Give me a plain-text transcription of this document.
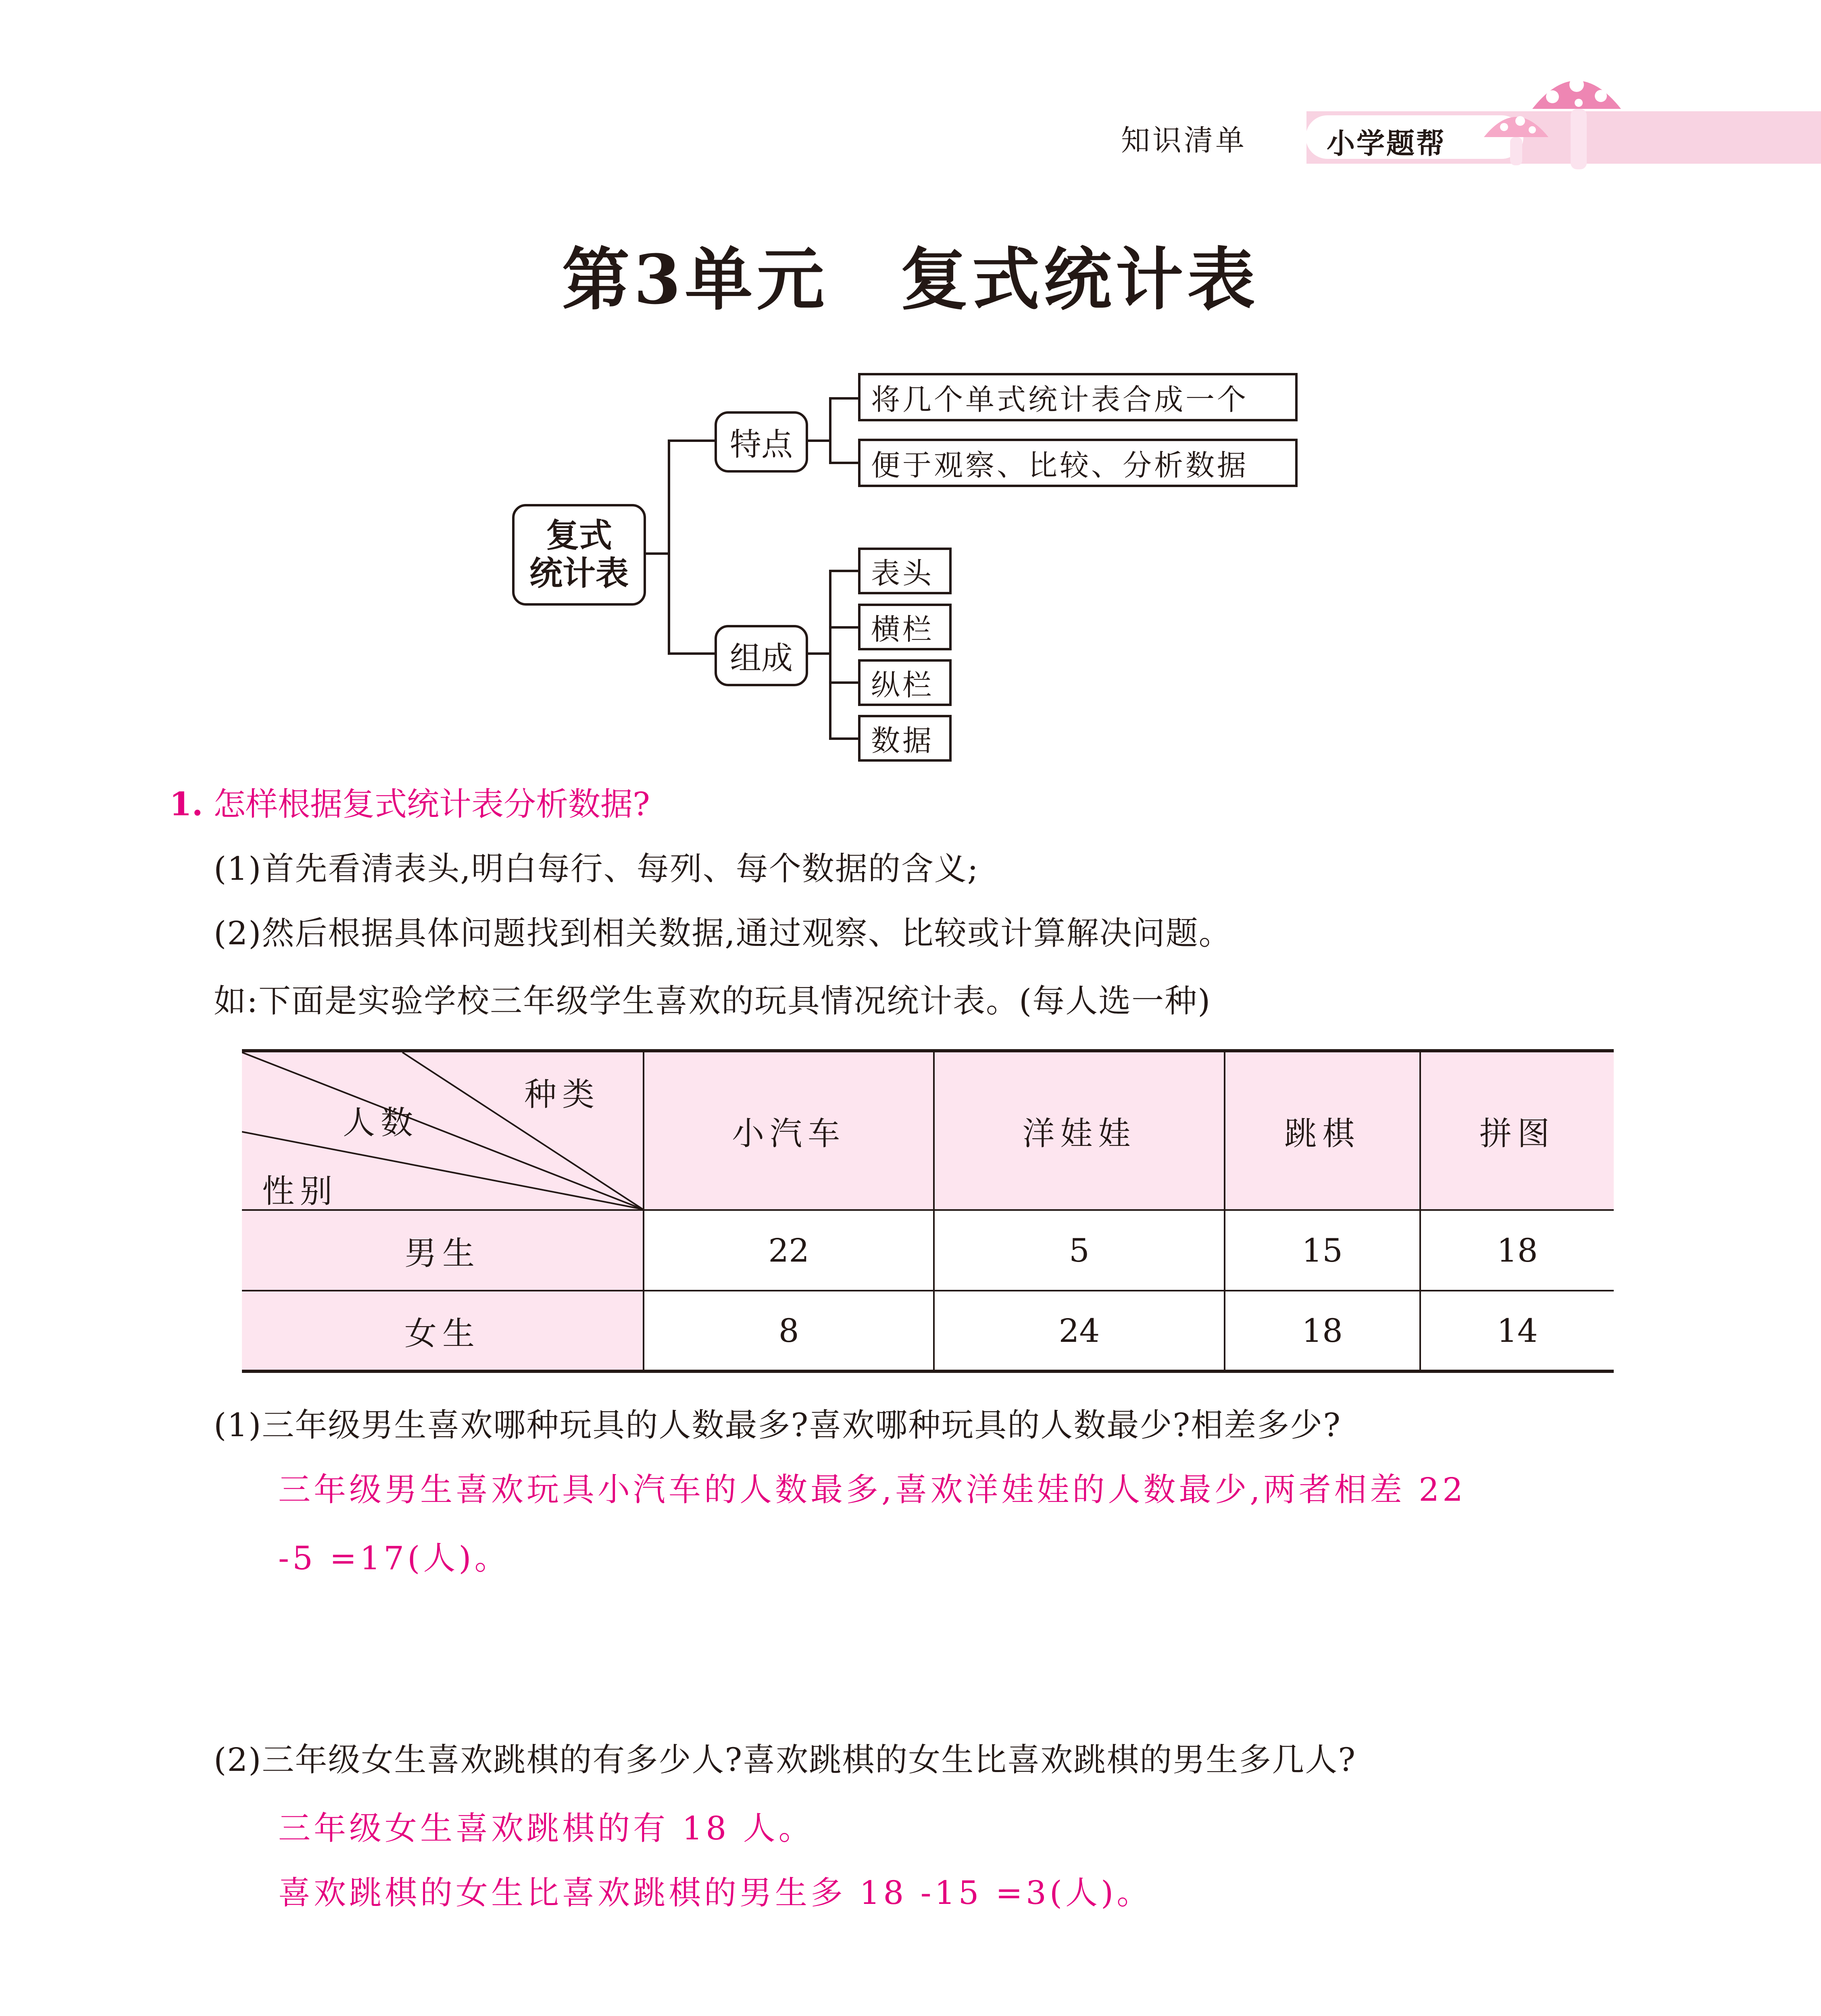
知识清单	小学题帮
第3单元　复式统计表
复式
统计表
特点
将几个单式统计表合成一个
便于观察、比较、分析数据
组成
表头
横栏
纵栏
数据
1. 怎样根据复式统计表分析数据?
(1)首先看清表头,明白每行、每列、每个数据的含义;
(2)然后根据具体问题找到相关数据,通过观察、比较或计算解决问题。
如:下面是实验学校三年级学生喜欢的玩具情况统计表。(每人选一种)
种类
人数
性别	小汽车	洋娃娃	跳棋	拼图
男生	22	5	15	18
女生	8	24	18	14
(1)三年级男生喜欢哪种玩具的人数最多?喜欢哪种玩具的人数最少?相差多少?
三年级男生喜欢玩具小汽车的人数最多,喜欢洋娃娃的人数最少,两者相差 22
-5 =17(人)。
(2)三年级女生喜欢跳棋的有多少人?喜欢跳棋的女生比喜欢跳棋的男生多几人?
三年级女生喜欢跳棋的有 18 人。
喜欢跳棋的女生比喜欢跳棋的男生多 18 -15 =3(人)。
